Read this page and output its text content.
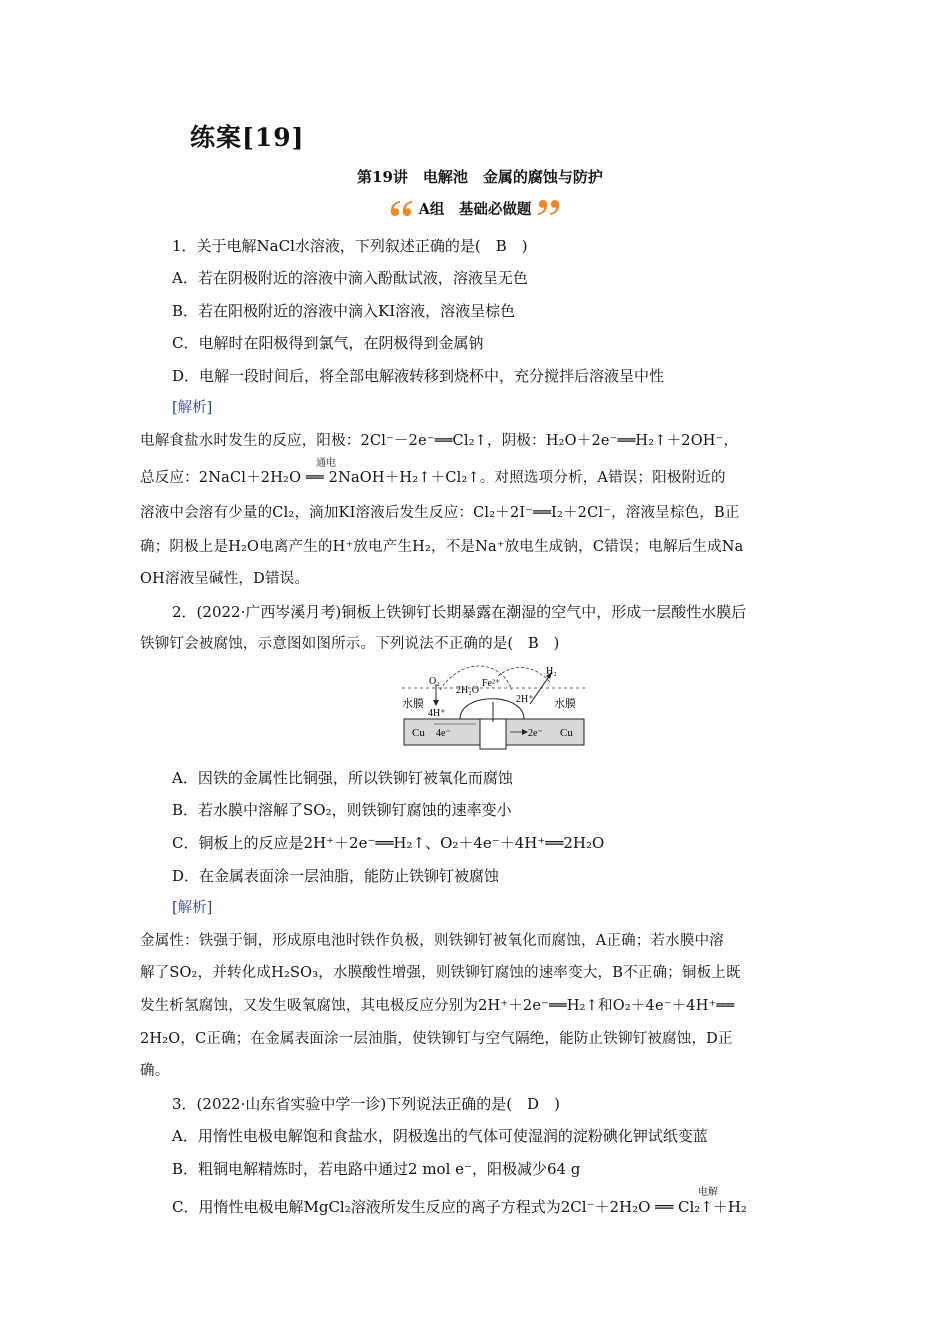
练案[19]
第19讲　电解池　金属的腐蚀与防护
A组　基础必做题
1．关于电解NaCl水溶液，下列叙述正确的是(　B　)
A．若在阴极附近的溶液中滴入酚酞试液，溶液呈无色
B．若在阳极附近的溶液中滴入KI溶液，溶液呈棕色
C．电解时在阳极得到氯气，在阴极得到金属钠
D．电解一段时间后，将全部电解液转移到烧杯中，充分搅拌后溶液呈中性
[解析]
电解食盐水时发生的反应，阳极：2Cl⁻－2e⁻══Cl₂↑，阴极：H₂O＋2e⁻══H₂↑＋2OH⁻，
总反应：2NaCl＋2H₂O ══ 2NaOH＋H₂↑＋Cl₂↑。对照选项分析，A错误；阳极附近的
溶液中会溶有少量的Cl₂，滴加KI溶液后发生反应：Cl₂＋2I⁻══I₂＋2Cl⁻，溶液呈棕色，B正
确；阴极上是H₂O电离产生的H⁺放电产生H₂，不是Na⁺放电生成钠，C错误；电解后生成Na
OH溶液呈碱性，D错误。
2．(2022·广西岑溪月考)铜板上铁铆钉长期暴露在潮湿的空气中，形成一层酸性水膜后
铁铆钉会被腐蚀，示意图如图所示。下列说法不正确的是(　B　)
A．因铁的金属性比铜强，所以铁铆钉被氧化而腐蚀
B．若水膜中溶解了SO₂，则铁铆钉腐蚀的速率变小
C．铜板上的反应是2H⁺＋2e⁻══H₂↑、O₂＋4e⁻＋4H⁺══2H₂O
D．在金属表面涂一层油脂，能防止铁铆钉被腐蚀
[解析]
金属性：铁强于铜，形成原电池时铁作负极，则铁铆钉被氧化而腐蚀，A正确；若水膜中溶
解了SO₂，并转化成H₂SO₃，水膜酸性增强，则铁铆钉腐蚀的速率变大，B不正确；铜板上既
发生析氢腐蚀，又发生吸氧腐蚀，其电极反应分别为2H⁺＋2e⁻══H₂↑和O₂＋4e⁻＋4H⁺══
2H₂O，C正确；在金属表面涂一层油脂，使铁铆钉与空气隔绝，能防止铁铆钉被腐蚀，D正
确。
3．(2022·山东省实验中学一诊)下列说法正确的是(　D　)
A．用惰性电极电解饱和食盐水，阴极逸出的气体可使湿润的淀粉碘化钾试纸变蓝
B．粗铜电解精炼时，若电路中通过2 mol e⁻，阳极减少64 g
C．用惰性电极电解MgCl₂溶液所发生反应的离子方程式为2Cl⁻＋2H₂O ══ Cl₂↑＋H₂
通电
电解
O₂
2H₂O
Fe²⁺
H₂
2H⁺
4H⁺
水膜	水膜
Cu 4e⁻	2e⁻ Cu
